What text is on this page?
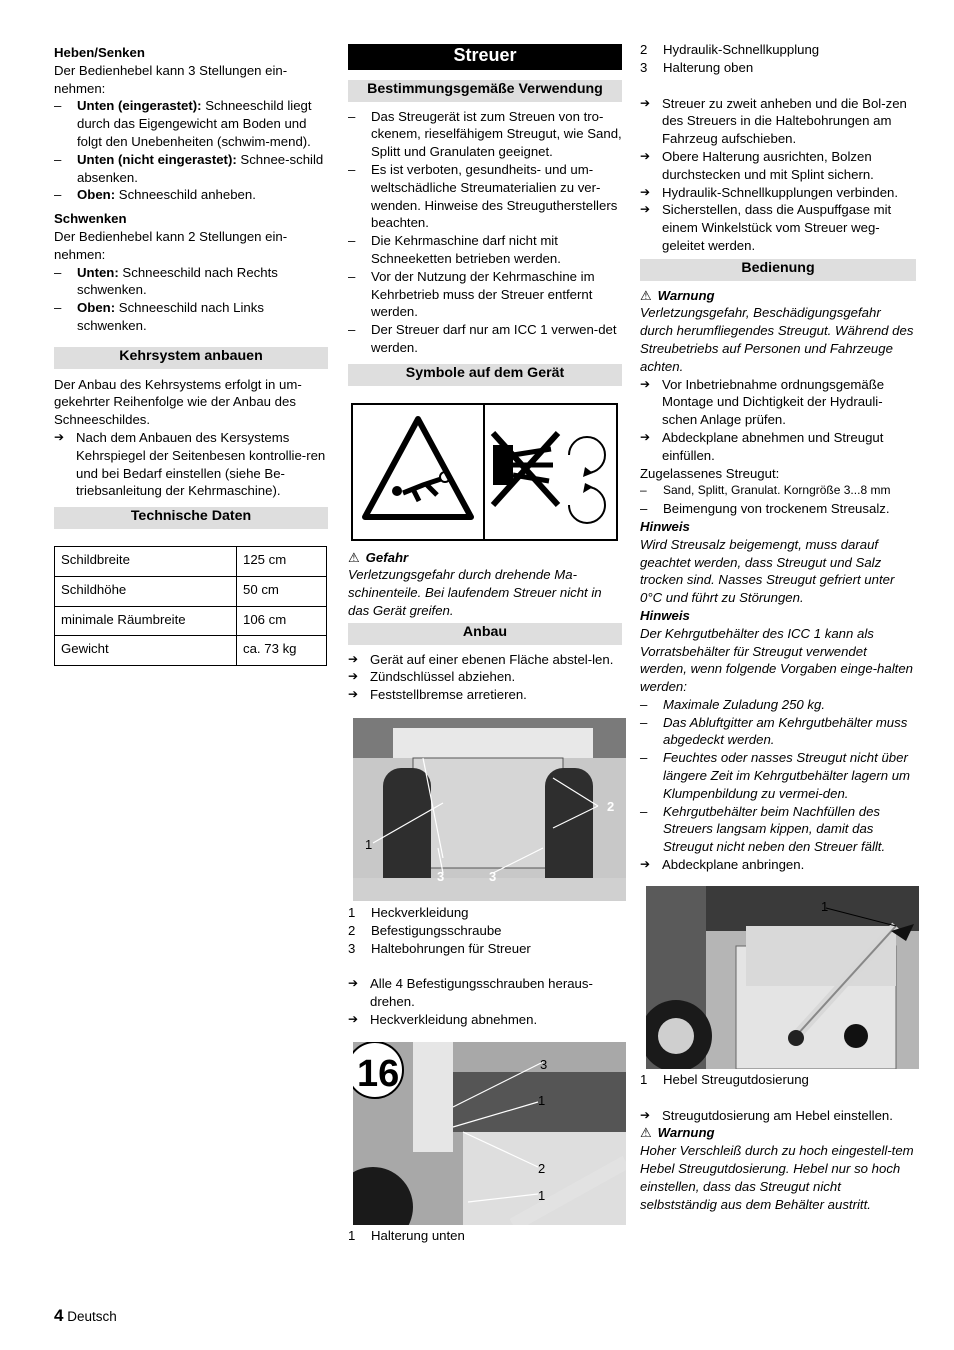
Heben/Senken

Der Bedienhebel kann 3 Stellungen ein-
nehmen:

–	Unten (eingerastet): Schneeschild liegt durch das Eigengewicht am Boden und folgt den Unebenheiten (schwim-mend).
–	Unten (nicht eingerastet): Schnee-schild absenken.
–	Oben: Schneeschild anheben.

Schwenken

Der Bedienhebel kann 2 Stellungen ein-nehmen:

–	Unten: Schneeschild nach Rechts schwenken.
–	Oben: Schneeschild nach Links schwenken.
Kehrsystem anbauen

Der Anbau des Kehrsystems erfolgt in um-gekehrter Reihenfolge wie der Anbau des Schneeschildes.

➔ Nach dem Anbauen des Kersystems Kehrspiegel der Seitenbesen kontrollie-ren und bei Bedarf einstellen (siehe Be-triebsanleitung der Kehrmaschine).
Technische Daten
Schildbreite	125 cm
Schildhöhe	50 cm
minimale Räumbreite	106 cm
Gewicht	ca. 73 kg
Streuer
Bestimmungsgemäße Verwendung
–	Das Streugerät ist zum Streuen von tro-ckenem, rieselfähigem Streugut, wie Sand, Splitt und Granulaten geeignet.
–	Es ist verboten, gesundheits- und um-weltschädliche Streumaterialien zu ver-wenden. Hinweise des Streugutherstellers beachten.
–	Die Kehrmaschine darf nicht mit Schneeketten betrieben werden.
–	Vor der Nutzung der Kehrmaschine im Kehrbetrieb muss der Streuer entfernt werden.
–	Der Streuer darf nur am ICC 1 verwen-det werden.
Symbole auf dem Gerät

⚠ Gefahr

Verletzungsgefahr durch drehende Ma-schinenteile. Bei laufendem Streuer nicht in das Gerät greifen.

Anbau
➔ Gerät auf einer ebenen Fläche abstel-len.
➔ Zündschlüssel abziehen.
➔ Feststellbremse arretieren.
1
2
3	3
1	Heckverkleidung
2	Befestigungsschraube
3	Haltebohrungen für Streuer
➔ Alle 4 Befestigungsschrauben heraus-drehen.
➔ Heckverkleidung abnehmen.
16	3
1
2
1
1	Halterung unten
2	Hydraulik-Schnellkupplung
3	Halterung oben
➔ Streuer zu zweit anheben und die Bol-zen des Streuers in die Haltebohrungen am Fahrzeug aufschieben.
➔ Obere Halterung ausrichten, Bolzen durchstecken und mit Splint sichern.
➔ Hydraulik-Schnellkupplungen verbinden.
➔ Sicherstellen, dass die Auspuffgase mit einem Winkelstück vom Streuer weg-geleitet werden.
Bedienung

⚠ Warnung

Verletzungsgefahr, Beschädigungsgefahr durch herumfliegendes Streugut. Während des Streubetriebs auf Personen und Fahrzeuge achten.

➔ Vor Inbetriebnahme ordnungsgemäße Montage und Dichtigkeit der Hydrauli-schen Anlage prüfen.
➔ Abdeckplane abnehmen und Streugut einfüllen.

Zugelassenes Streugut:

–	Sand, Splitt, Granulat. Korngröße 3...8 mm
–	Beimengung von trockenem Streusalz.

Hinweis

Wird Streusalz beigemengt, muss darauf geachtet werden, dass Streugut und Salz trocken sind. Nasses Streugut gefriert unter 0°C und führt zu Störungen.

Hinweis

Der Kehrgutbehälter des ICC 1 kann als Vorratsbehälter für Streugut verwendet werden, wenn folgende Vorgaben einge-halten werden:

–	Maximale Zuladung 250 kg.
–	Das Abluftgitter am Kehrgutbehälter muss abgedeckt werden.
–	Feuchtes oder nasses Streugut nicht über längere Zeit im Kehrgutbehälter lagern um Klumpenbildung zu vermei-den.
–	Kehrgutbehälter beim Nachfüllen des Streuers langsam kippen, damit das Streugut nicht neben den Streuer fällt.
➔ Abdeckplane anbringen.
1
1	Hebel Streugutdosierung
➔ Streugutdosierung am Hebel einstellen.

⚠ Warnung

Hoher Verschleiß durch zu hoch eingestell-tem Hebel Streugutdosierung. Hebel nur so hoch einstellen, dass das Streugut nicht selbstständig aus dem Behälter austritt.

4 Deutsch
